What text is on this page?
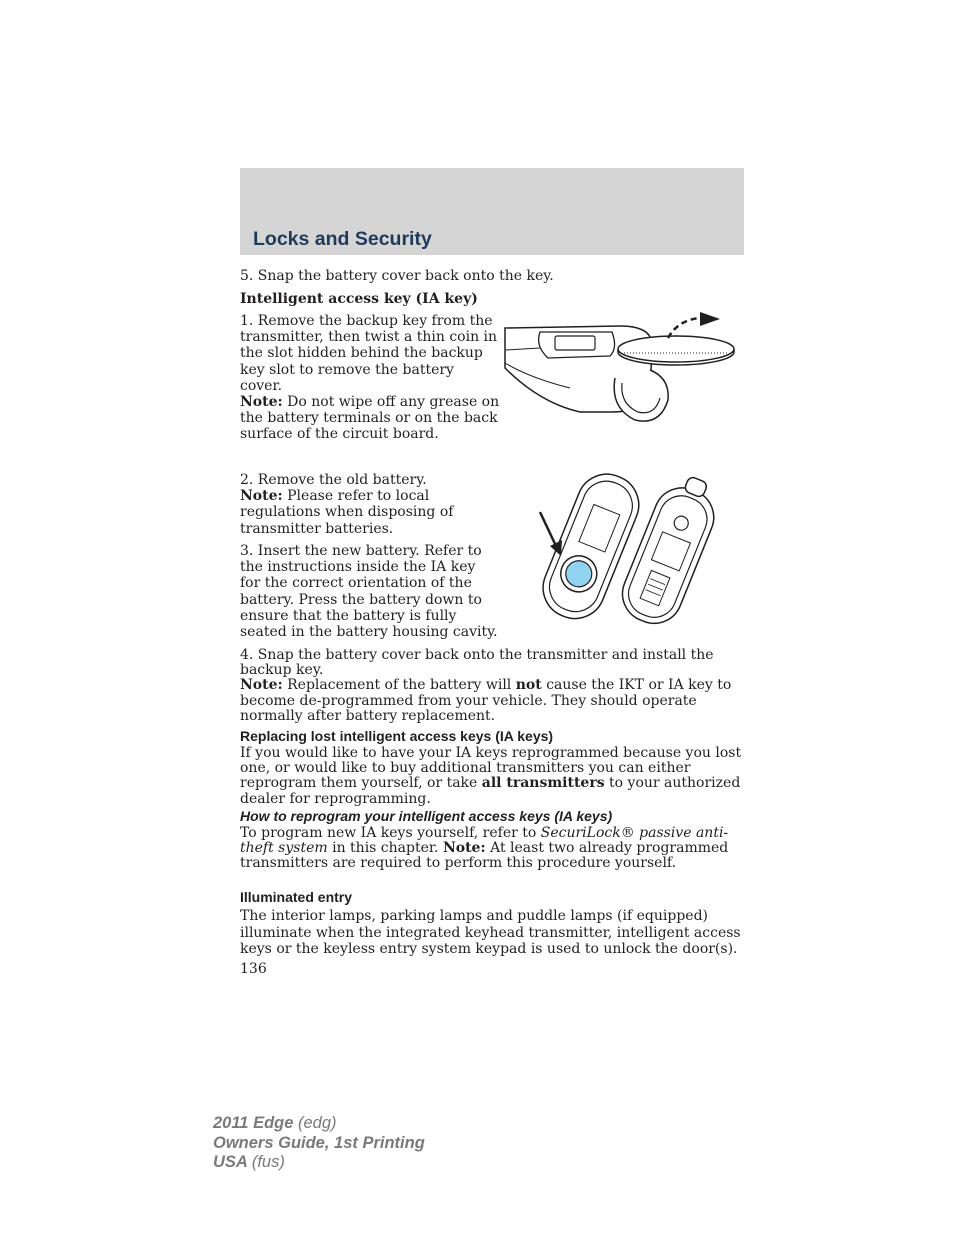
Locks and Security

5. Snap the battery cover back onto the key.

Intelligent access key (IA key)

1. Remove the backup key from the transmitter, then twist a thin coin in the slot hidden behind the backup key slot to remove the battery cover.
Note: Do not wipe off any grease on the battery terminals or on the back surface of the circuit board.
2. Remove the old battery.
Note: Please refer to local regulations when disposing of transmitter batteries.

3. Insert the new battery. Refer to the instructions inside the IA key for the correct orientation of the battery. Press the battery down to ensure that the battery is fully seated in the battery housing cavity.

4. Snap the battery cover back onto the transmitter and install the backup key.
Note: Replacement of the battery will not cause the IKT or IA key to become de-programmed from your vehicle. They should operate normally after battery replacement.

Replacing lost intelligent access keys (IA keys)

If you would like to have your IA keys reprogrammed because you lost one, or would like to buy additional transmitters you can either reprogram them yourself, or take all transmitters to your authorized dealer for reprogramming.

How to reprogram your intelligent access keys (IA keys)

To program new IA keys yourself, refer to SecuriLock® passive anti-theft system in this chapter. Note: At least two already programmed transmitters are required to perform this procedure yourself.

Illuminated entry

The interior lamps, parking lamps and puddle lamps (if equipped) illuminate when the integrated keyhead transmitter, intelligent access keys or the keyless entry system keypad is used to unlock the door(s).

136

2011 Edge (edg)
Owners Guide, 1st Printing
USA (fus)
